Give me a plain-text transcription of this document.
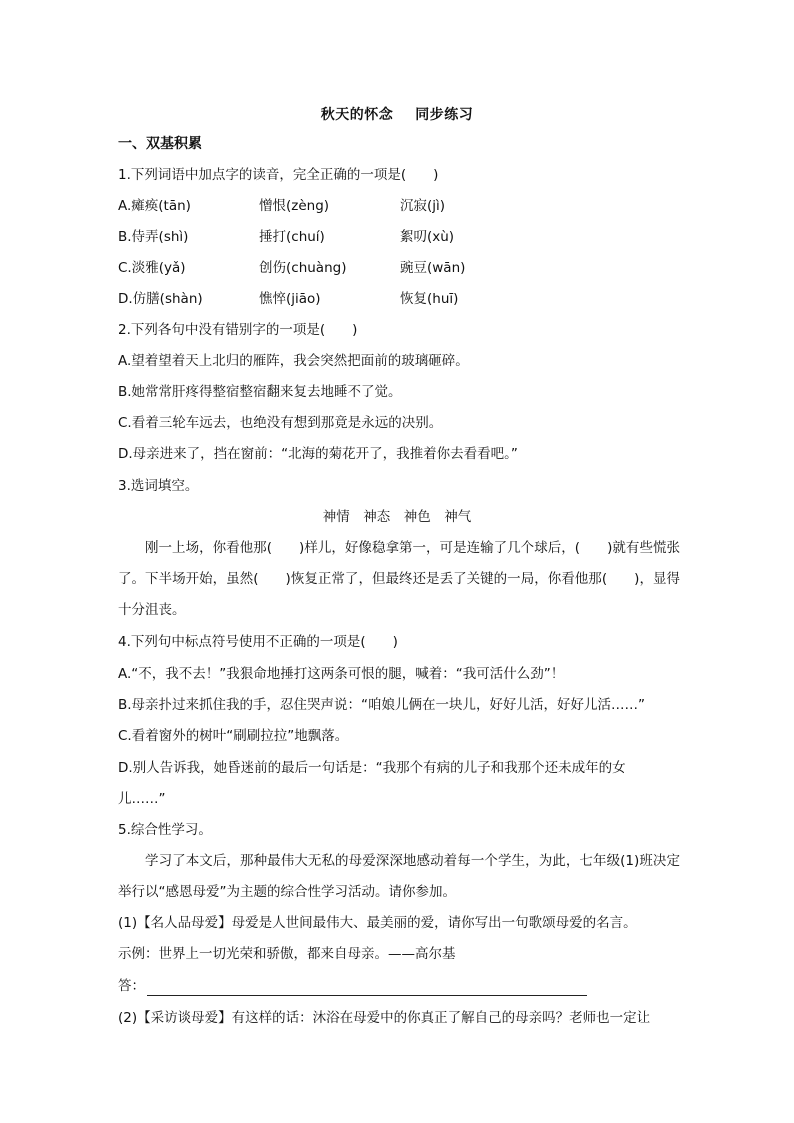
秋天的怀念 同步练习
一、双基积累
1.下列词语中加点字的读音，完全正确的一项是(　　)
A.瘫痪(tān)	憎恨(zèng)	沉寂(jì)
B.侍弄(shì)	捶打(chuí)	絮叨(xù)
C.淡雅(yǎ)	创伤(chuàng)	豌豆(wān)
D.仿膳(shàn)	憔悴(jiāo)	恢复(huī)
2.下列各句中没有错别字的一项是(　　)
A.望着望着天上北归的雁阵，我会突然把面前的玻璃砸碎。
B.她常常肝疼得整宿整宿翻来复去地睡不了觉。
C.看着三轮车远去，也绝没有想到那竟是永远的决别。
D.母亲进来了，挡在窗前：“北海的菊花开了，我推着你去看看吧。”
3.选词填空。
神情　神态　神色　神气
刚一上场，你看他那(　　)样儿，好像稳拿第一，可是连输了几个球后，(　　)就有些慌张了。下半场开始，虽然(　　)恢复正常了，但最终还是丢了关键的一局，你看他那(　　)，显得十分沮丧。
4.下列句中标点符号使用不正确的一项是(　　)
A.“不，我不去！”我狠命地捶打这两条可恨的腿，喊着：“我可活什么劲”！
B.母亲扑过来抓住我的手，忍住哭声说：“咱娘儿俩在一块儿，好好儿活，好好儿活……”
C.看着窗外的树叶“刷刷拉拉”地飘落。
D.别人告诉我，她昏迷前的最后一句话是：“我那个有病的儿子和我那个还未成年的女
儿……”
5.综合性学习。
学习了本文后，那种最伟大无私的母爱深深地感动着每一个学生，为此，七年级(1)班决定举行以“感恩母爱”为主题的综合性学习活动。请你参加。
(1)【名人品母爱】母爱是人世间最伟大、最美丽的爱，请你写出一句歌颂母爱的名言。
示例：世界上一切光荣和骄傲，都来自母亲。——高尔基
答：
(2)【采访谈母爱】有这样的话：沐浴在母爱中的你真正了解自己的母亲吗？老师也一定让
